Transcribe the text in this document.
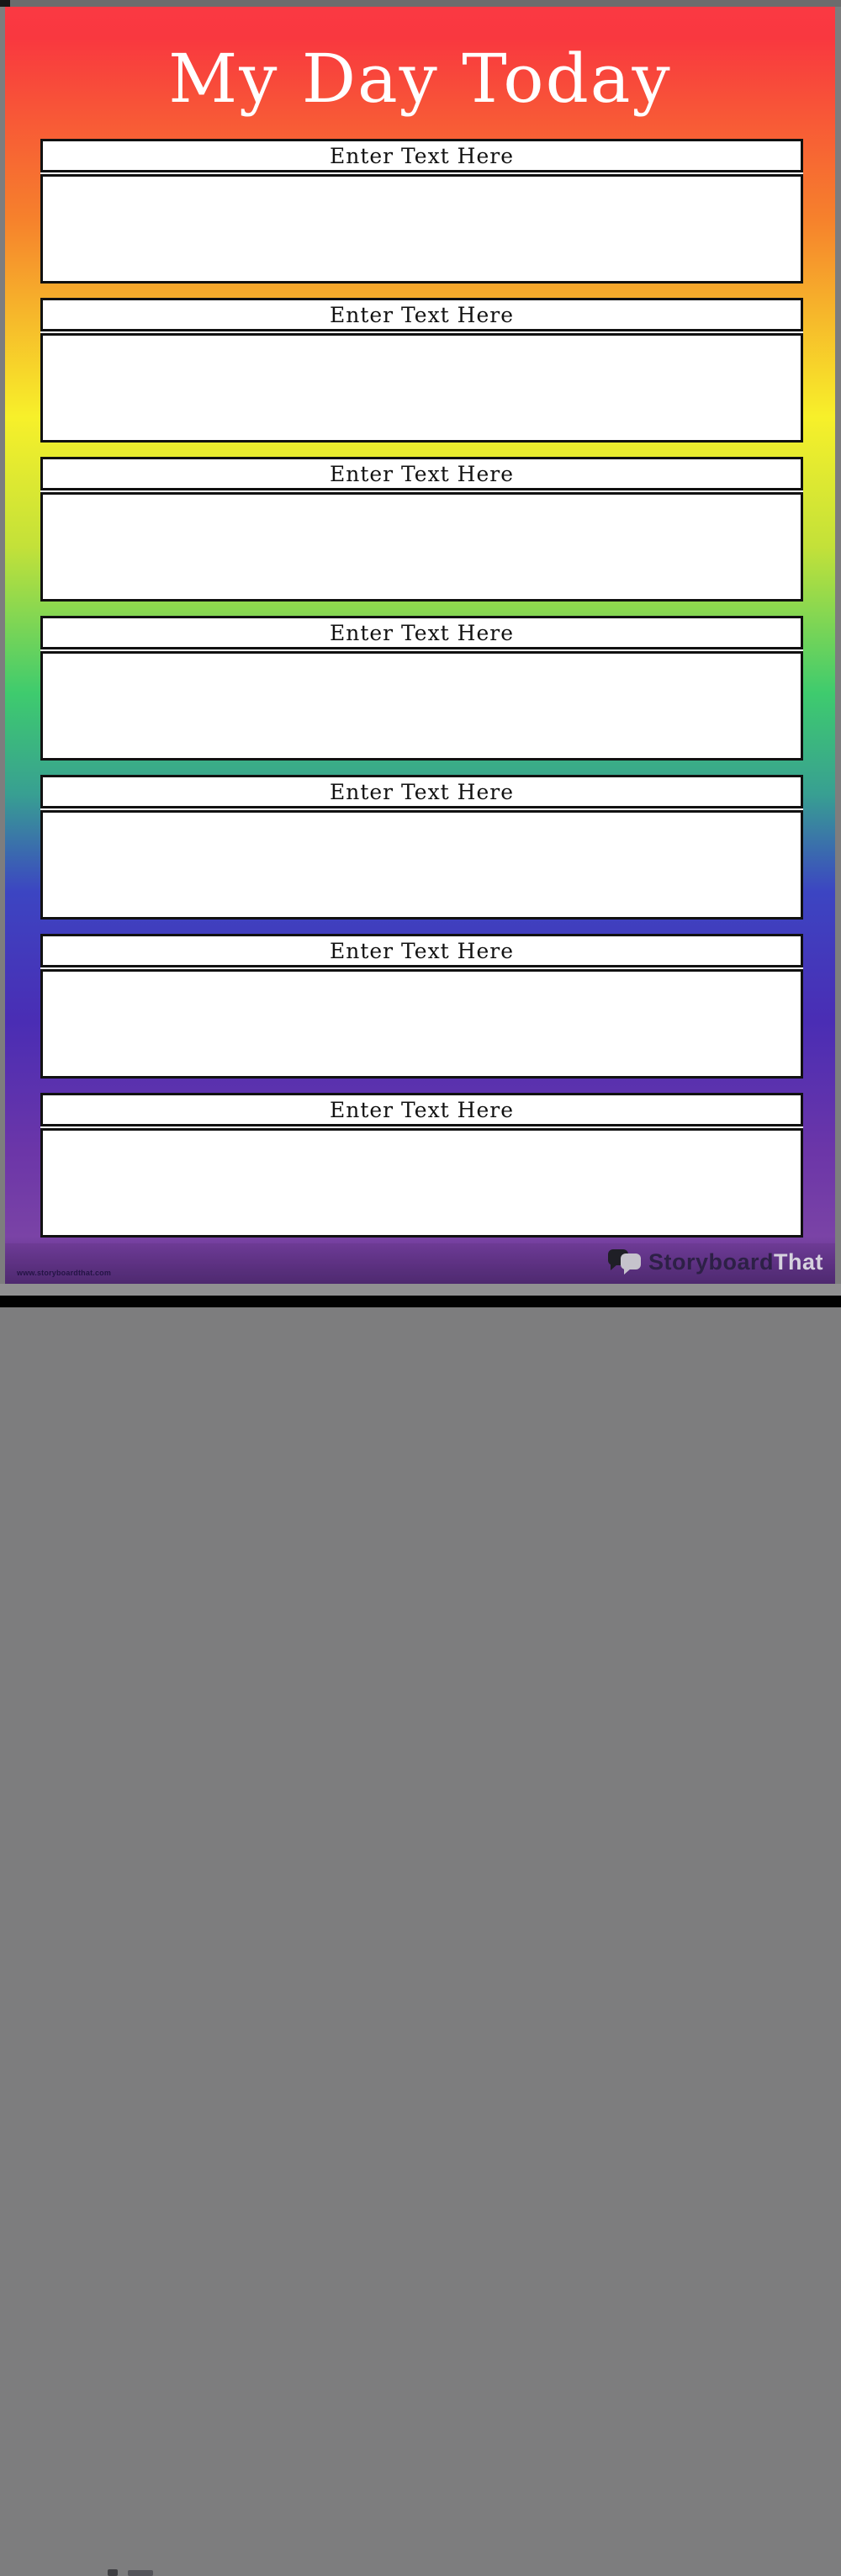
My Day Today
Enter Text Here
Enter Text Here
Enter Text Here
Enter Text Here
Enter Text Here
Enter Text Here
Enter Text Here
www.storyboardthat.com	StoryboardThat
